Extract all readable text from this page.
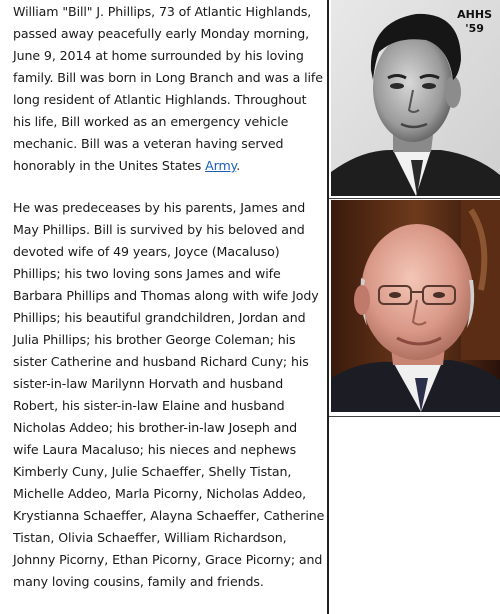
William "Bill" J. Phillips, 73 of Atlantic Highlands, passed away peacefully early Monday morning, June 9, 2014 at home surrounded by his loving family. Bill was born in Long Branch and was a life long resident of Atlantic Highlands. Throughout his life, Bill worked as an emergency vehicle mechanic. Bill was a veteran having served honorably in the Unites States Army.

He was predeceases by his parents, James and May Phillips. Bill is survived by his beloved and devoted wife of 49 years, Joyce (Macaluso) Phillips; his two loving sons James and wife Barbara Phillips and Thomas along with wife Jody Phillips; his beautiful grandchildren, Jordan and Julia Phillips; his brother George Coleman; his sister Catherine and husband Richard Cuny; his sister-in-law Marilynn Horvath and husband Robert, his sister-in-law Elaine and husband Nicholas Addeo; his brother-in-law Joseph and wife Laura Macaluso; his nieces and nephews Kimberly Cuny, Julie Schaeffer, Shelly Tistan, Michelle Addeo, Marla Picorny, Nicholas Addeo, Krystianna Schaeffer, Alayna Schaeffer, Catherine Tistan, Olivia Schaeffer, William Richardson, Johnny Picorny, Ethan Picorny, Grace Picorny; and many loving cousins, family and friends.

AHHS
'59
